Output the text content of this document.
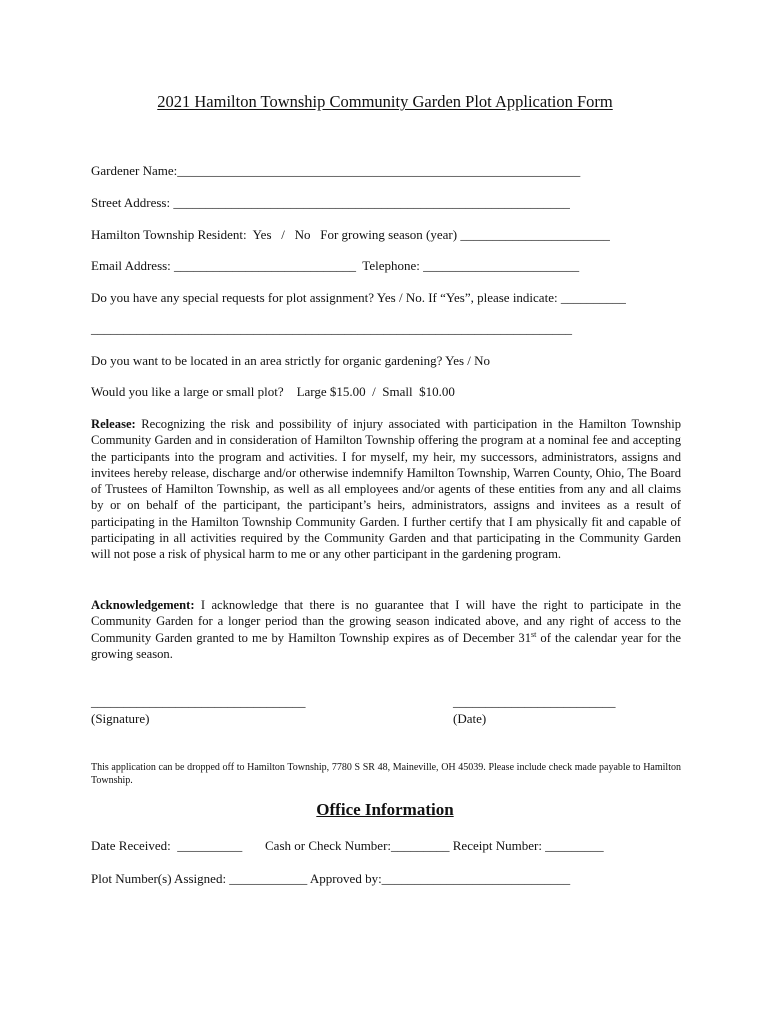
2021 Hamilton Township Community Garden Plot Application Form
Gardener Name:______________________________________________________________
Street Address: _____________________________________________________________
Hamilton Township Resident:  Yes   /   No   For growing season (year) _______________________
Email Address: ____________________________  Telephone: ________________________
Do you have any special requests for plot assignment? Yes / No. If “Yes”, please indicate: __________
__________________________________________________________________________
Do you want to be located in an area strictly for organic gardening? Yes / No
Would you like a large or small plot?    Large $15.00  /  Small  $10.00

Release: Recognizing the risk and possibility of injury associated with participation in the Hamilton Township Community Garden and in consideration of Hamilton Township offering the program at a nominal fee and accepting the participants into the program and activities. I for myself, my heir, my successors, administrators, assigns and invitees hereby release, discharge and/or otherwise indemnify Hamilton Township, Warren County, Ohio, The Board of Trustees of Hamilton Township, as well as all employees and/or agents of these entities from any and all claims by or on behalf of the participant, the participant’s heirs, administrators, assigns and invitees as a result of participating in the Hamilton Township Community Garden. I further certify that I am physically fit and capable of participating in all activities required by the Community Garden and that participating in the Community Garden will not pose a risk of physical harm to me or any other participant in the gardening program.

Acknowledgement: I acknowledge that there is no guarantee that I will have the right to participate in the Community Garden for a longer period than the growing season indicated above, and any right of access to the Community Garden granted to me by Hamilton Township expires as of December 31st of the calendar year for the growing season.

_________________________________
(Signature)
_________________________
(Date)
This application can be dropped off to Hamilton Township, 7780 S SR 48, Maineville, OH 45039. Please include check made payable to Hamilton Township.
Office Information
Date Received:  __________       Cash or Check Number:_________ Receipt Number: _________
Plot Number(s) Assigned: ____________ Approved by:_____________________________
